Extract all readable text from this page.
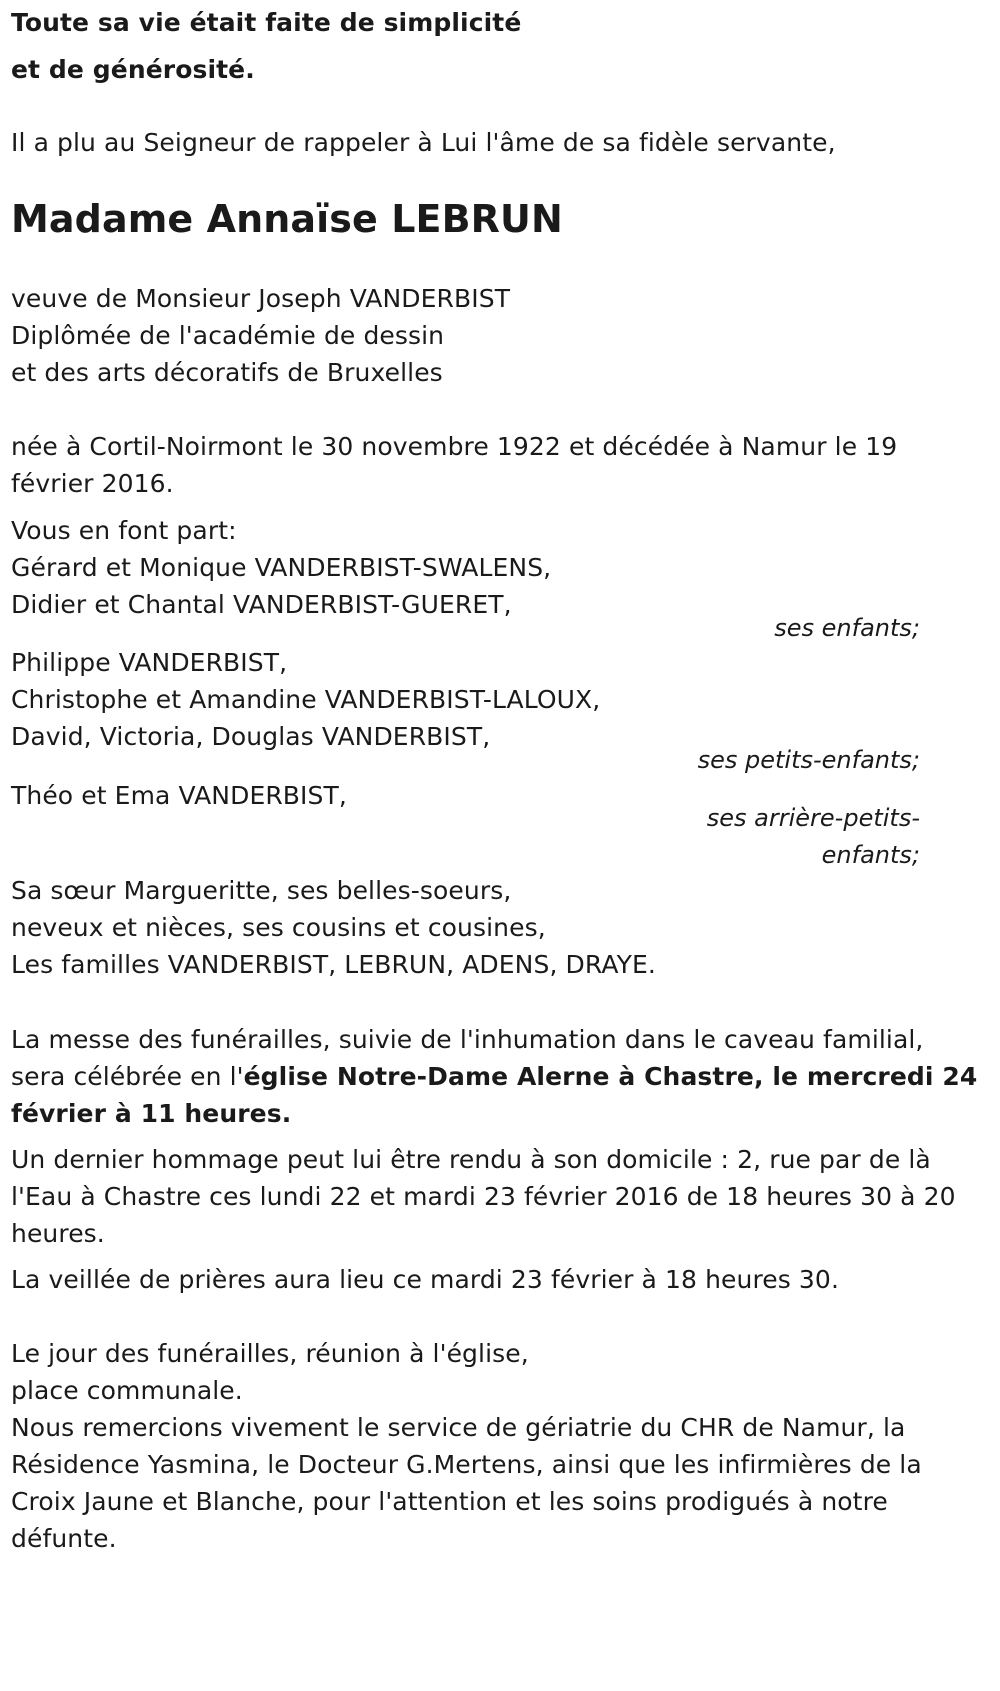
Toute sa vie était faite de simplicité
et de générosité.
Il a plu au Seigneur de rappeler à Lui l'âme de sa fidèle servante,
Madame Annaïse LEBRUN
veuve de Monsieur Joseph VANDERBIST
Diplômée de l'académie de dessin
et des arts décoratifs de Bruxelles
née à Cortil-Noirmont le 30 novembre 1922 et décédée à Namur le 19
février 2016.
Vous en font part:
Gérard et Monique VANDERBIST-SWALENS,
Didier et Chantal VANDERBIST-GUERET,
ses enfants;
Philippe VANDERBIST,
Christophe et Amandine VANDERBIST-LALOUX,
David, Victoria, Douglas VANDERBIST,
ses petits-enfants;
Théo et Ema VANDERBIST,
ses arrière-petits-
enfants;
Sa sœur Margueritte, ses belles-soeurs,
neveux et nièces, ses cousins et cousines,
Les familles VANDERBIST, LEBRUN, ADENS, DRAYE.
La messe des funérailles, suivie de l'inhumation dans le caveau familial,
sera célébrée en l'église Notre-Dame Alerne à Chastre, le mercredi 24
février à 11 heures.
Un dernier hommage peut lui être rendu à son domicile : 2, rue par de là
l'Eau à Chastre ces lundi 22 et mardi 23 février 2016 de 18 heures 30 à 20
heures.
La veillée de prières aura lieu ce mardi 23 février à 18 heures 30.
Le jour des funérailles, réunion à l'église,
place communale.
Nous remercions vivement le service de gériatrie du CHR de Namur, la
Résidence Yasmina, le Docteur G.Mertens, ainsi que les infirmières de la
Croix Jaune et Blanche, pour l'attention et les soins prodigués à notre
défunte.
